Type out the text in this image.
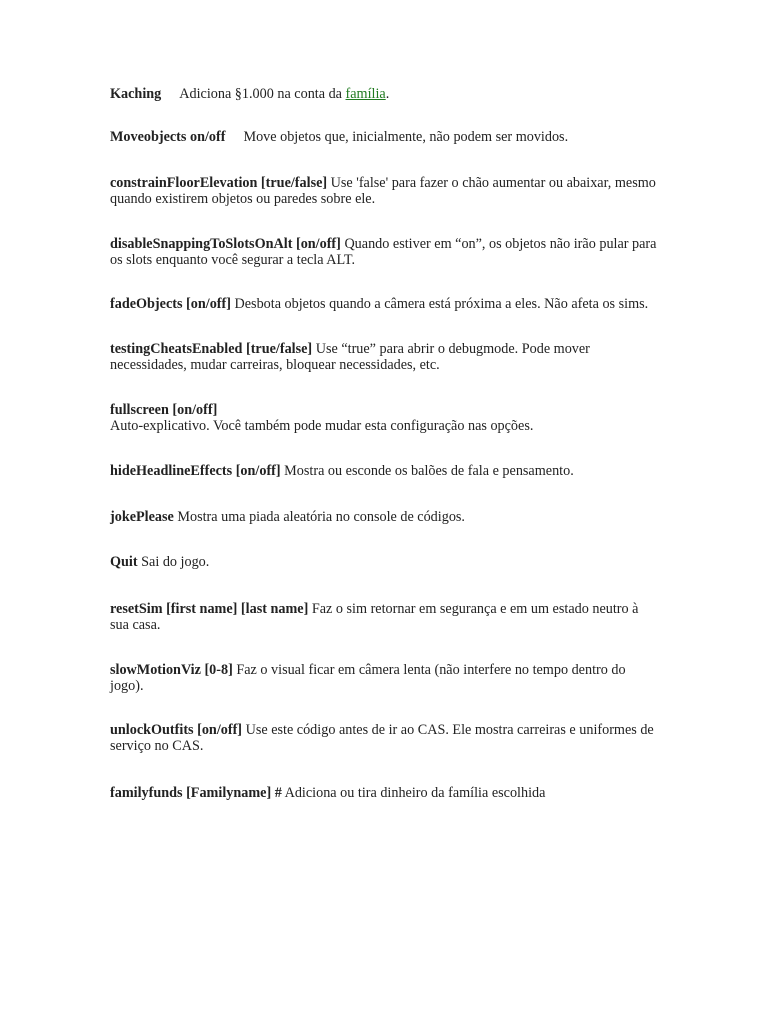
Kaching Adiciona §1.000 na conta da família.
Moveobjects on/off Move objetos que, inicialmente, não podem ser movidos.
constrainFloorElevation [true/false] Use 'false' para fazer o chão aumentar ou abaixar, mesmo quando existirem objetos ou paredes sobre ele.
disableSnappingToSlotsOnAlt [on/off] Quando estiver em “on”, os objetos não irão pular para os slots enquanto você segurar a tecla ALT.
fadeObjects [on/off] Desbota objetos quando a câmera está próxima a eles. Não afeta os sims.
testingCheatsEnabled [true/false] Use “true” para abrir o debugmode. Pode mover necessidades, mudar carreiras, bloquear necessidades, etc.
fullscreen [on/off]
Auto-explicativo. Você também pode mudar esta configuração nas opções.
hideHeadlineEffects [on/off] Mostra ou esconde os balões de fala e pensamento.
jokePlease Mostra uma piada aleatória no console de códigos.
Quit Sai do jogo.
resetSim [first name] [last name] Faz o sim retornar em segurança e em um estado neutro à sua casa.
slowMotionViz [0-8] Faz o visual ficar em câmera lenta (não interfere no tempo dentro do jogo).
unlockOutfits [on/off] Use este código antes de ir ao CAS. Ele mostra carreiras e uniformes de serviço no CAS.
familyfunds [Familyname] # Adiciona ou tira dinheiro da família escolhida
